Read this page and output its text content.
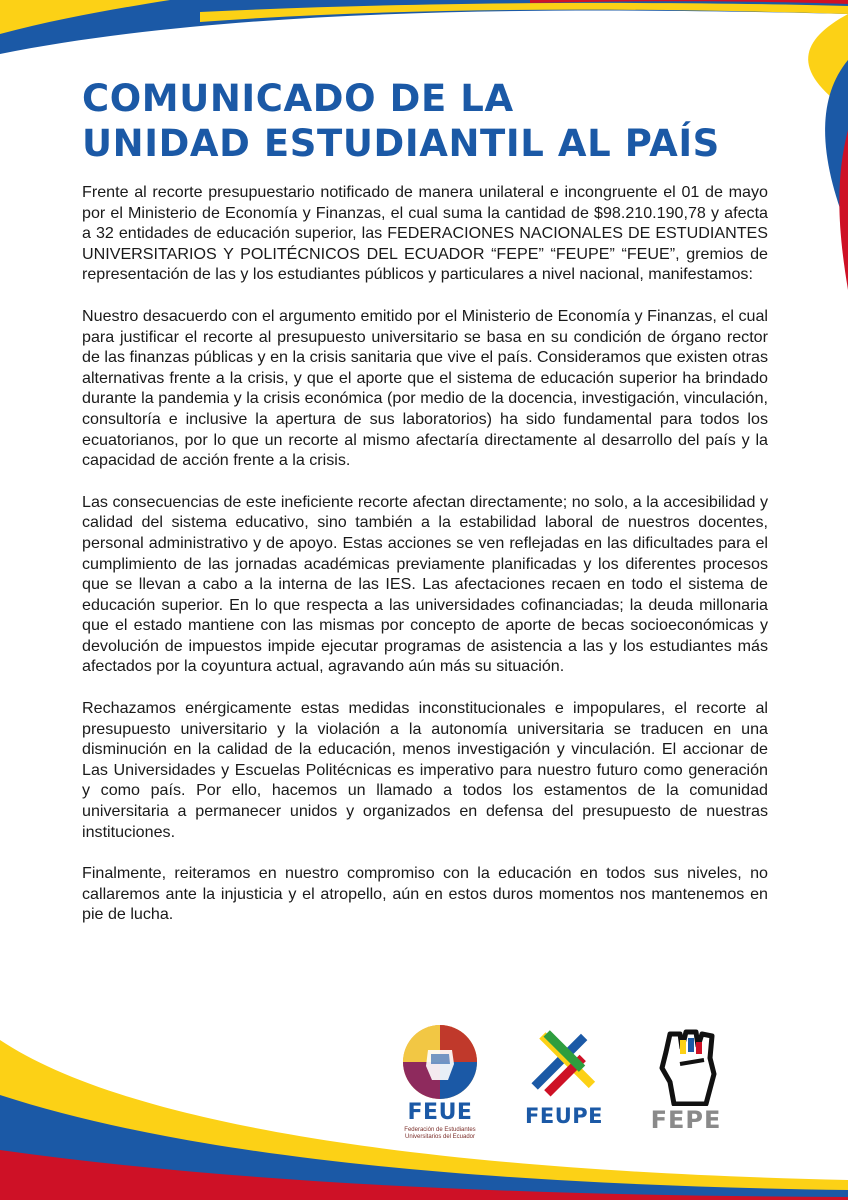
COMUNICADO DE LA
UNIDAD ESTUDIANTIL AL PAÍS

Frente al recorte presupuestario notificado de manera unilateral e incongruente el 01 de mayo por el Ministerio de Economía y Finanzas, el cual suma la cantidad de $98.210.190,78 y afecta a 32 entidades de educación superior, las FEDERACIONES NACIONALES DE ESTUDIANTES UNIVERSITARIOS Y POLITÉCNICOS DEL ECUADOR “FEPE” “FEUPE” “FEUE”, gremios de representación de las y los estudiantes públicos y particulares a nivel nacional, manifestamos:

Nuestro desacuerdo con el argumento emitido por el Ministerio de Economía y Finanzas, el cual para justificar el recorte al presupuesto universitario se basa en su condición de órgano rector de las finanzas públicas y en la crisis sanitaria que vive el país. Consideramos que existen otras alternativas frente a la crisis, y que el aporte que el sistema de educación superior ha brindado durante la pandemia y la crisis económica (por medio de la docencia, investigación, vinculación, consultoría e inclusive la apertura de sus laboratorios) ha sido fundamental para todos los ecuatorianos, por lo que un recorte al mismo afectaría directamente al desarrollo del país y la capacidad de acción frente a la crisis.

Las consecuencias de este ineficiente recorte afectan directamente; no solo, a la accesibilidad y calidad del sistema educativo, sino también a la estabilidad laboral de nuestros docentes, personal administrativo y de apoyo. Estas acciones se ven reflejadas en las dificultades para el cumplimiento de las jornadas académicas previamente planificadas y los diferentes procesos que se llevan a cabo a la interna de las IES. Las afectaciones recaen en todo el sistema de educación superior. En lo que respecta a las universidades cofinanciadas; la deuda millonaria que el estado mantiene con las mismas por concepto de aporte de becas socioeconómicas y devolución de impuestos impide ejecutar programas de asistencia a las y los estudiantes más afectados por la coyuntura actual, agravando aún más su situación.

Rechazamos enérgicamente estas medidas inconstitucionales e impopulares, el recorte al presupuesto universitario y la violación a la autonomía universitaria se traducen en una disminución en la calidad de la educación, menos investigación y vinculación. El accionar de Las Universidades y Escuelas Politécnicas es imperativo para nuestro futuro como generación y como país. Por ello, hacemos un llamado a todos los estamentos de la comunidad universitaria a permanecer unidos y organizados en defensa del presupuesto de nuestras instituciones.

Finalmente, reiteramos en nuestro compromiso con la educación en todos sus niveles, no callaremos ante la injusticia y el atropello, aún en estos duros momentos nos mantenemos en pie de lucha.

FEUE
Federación de Estudiantes Universitarios del Ecuador
FEUPE	FEPE
